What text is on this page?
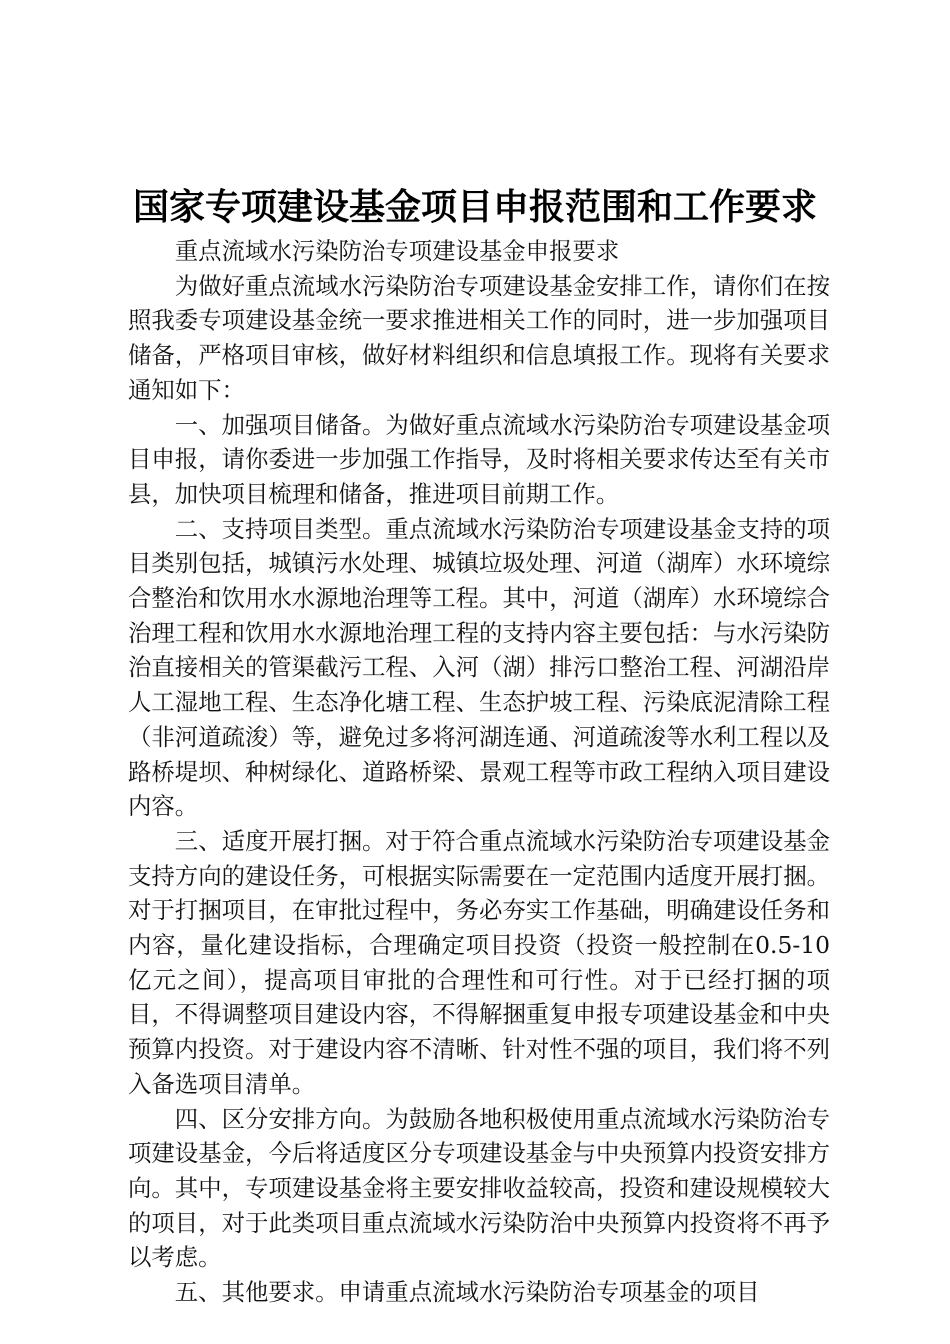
国家专项建设基金项目申报范围和工作要求

重点流域水污染防治专项建设基金申报要求

为做好重点流域水污染防治专项建设基金安排工作，请你们在按照我委专项建设基金统一要求推进相关工作的同时，进一步加强项目储备，严格项目审核，做好材料组织和信息填报工作。现将有关要求通知如下：

一、加强项目储备。为做好重点流域水污染防治专项建设基金项目申报，请你委进一步加强工作指导，及时将相关要求传达至有关市县，加快项目梳理和储备，推进项目前期工作。

二、支持项目类型。重点流域水污染防治专项建设基金支持的项目类别包括，城镇污水处理、城镇垃圾处理、河道（湖库）水环境综合整治和饮用水水源地治理等工程。其中，河道（湖库）水环境综合治理工程和饮用水水源地治理工程的支持内容主要包括：与水污染防治直接相关的管渠截污工程、入河（湖）排污口整治工程、河湖沿岸人工湿地工程、生态净化塘工程、生态护坡工程、污染底泥清除工程（非河道疏浚）等，避免过多将河湖连通、河道疏浚等水利工程以及路桥堤坝、种树绿化、道路桥梁、景观工程等市政工程纳入项目建设内容。

三、适度开展打捆。对于符合重点流域水污染防治专项建设基金支持方向的建设任务，可根据实际需要在一定范围内适度开展打捆。对于打捆项目，在审批过程中，务必夯实工作基础，明确建设任务和内容，量化建设指标，合理确定项目投资（投资一般控制在0.5-10亿元之间），提高项目审批的合理性和可行性。对于已经打捆的项目，不得调整项目建设内容，不得解捆重复申报专项建设基金和中央预算内投资。对于建设内容不清晰、针对性不强的项目，我们将不列入备选项目清单。

四、区分安排方向。为鼓励各地积极使用重点流域水污染防治专项建设基金，今后将适度区分专项建设基金与中央预算内投资安排方向。其中，专项建设基金将主要安排收益较高，投资和建设规模较大的项目，对于此类项目重点流域水污染防治中央预算内投资将不再予以考虑。

五、其他要求。申请重点流域水污染防治专项基金的项目
